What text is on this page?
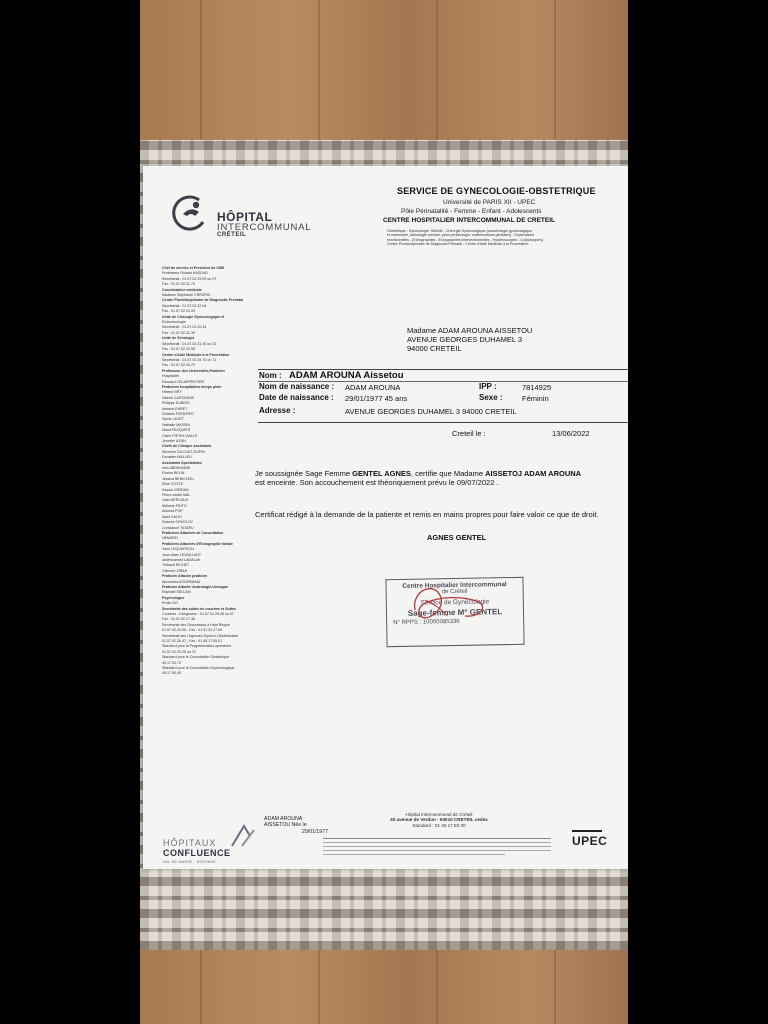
HÔPITAL
INTERCOMMUNAL
CRÉTEIL
SERVICE DE GYNECOLOGIE-OBSTETRIQUE
Université de PARIS XII - UPEC
Pôle Périnatalité - Femme - Enfant - Adolescents
CENTRE HOSPITALIER INTERCOMMUNAL DE CRETEIL
Obstétrique - Gynécologie, Stérilité - Chirurgie Gynécologique (cancérologie gynécologique
et mammaire, pathologie vulvaire, pelvi-périnéologie, malformations génitales) - Explorations
fonctionnelles - (Echographies - Echographies interventionnelles - Hystéroscopies - Colposcopies)
Centre Pluridisciplinaire de Diagnostic Prénatal - Centre d'Aide Médicale à la Procréation
Chef de service et Président de CME
Professeur Roland HADDAD
Secrétariat : 01.57.02.29.93 ou 97
Fax : 01.57.02.31.79
Coordinatrice médicale
Madame Stéphanie CRESPIN
Centre Pluridisciplinaire de Diagnostic Prénatal
Secrétariat : 01.57.02.32.54
Fax : 01.57.02.31.09
Unité de Chirurgie Gynécologique et
Endocrinologie
Secrétariat : 01.57.02.22.44
Fax : 01.57.02.31.39
Unité de Sénologie
Secrétariat : 01.57.02.31.30 ou 31
Fax : 01.57.02.31.55
Centre d'Aide Médicale à la Procréation
Secrétariat : 01.57.02.34.70 ou 71
Fax : 01.57.02.34.79
Professeur des Universités-Praticien
Hospitalier
Edouard LECARPENTIER
Praticiens hospitaliers temps plein
Hélène BRY
Valérie CASTAIGNE
Philippe DUBOIS
Antoine EHRET
Violaine FREDERIC
Sylvie LEVET
Nathalie MASSIN
Maud PASQUIER
Claire PIETIN-VIALLE
Jennifer UZAN
Chefs de Clinique Assistants
Séverine DUCOUT-DUPIN
Donatien MALLEU
Assistants Spécialistes
Inès ABDENNEBI
Florine BELIN
Jessica BENICHOU
Elise COSTE
Kassia JORDAN
Pierre-Anaïs MAL
Julie MERCAUX
Mélanie PINTO
Antonia POP
Sami SALIH
Dolores SOKOLOV
Constance TATARU
Praticiens Attachés de Consultation
NEMARD
Praticiens Attachés d'Echographie fœtale
Yann LEQUERSON
Jean-Marc LEVAILLANT
Abdessamed LAMALAK
Thibault RICHET
Clément ZIRAH
Praticien Attaché praticien
Alexandra BOURMANA
Praticien Attaché Andrologie-Urologue
Raphaël SELLAM
Psychologue
Pruim DO
Secrétariat des suites de couches et Suites
Couches - Kangourou : 01.57.02.29.08 ou 07
Fax : 01.57.02.27.36
Secrétariat des Grossesses à Haut Risque
01.57.02.20.98 - Fax : 01.57.02.27.69
Secrétariat des Urgences Gynéco-Obstétricales
01.57.02.26.47 - Fax : 01.45.17.55.01
Standard pour la Programmation opératoire
01.57.02.29.25 ou 21
Standard pour le Consultation Obstétrique
45.17.50.70
Standard pour la Consultation Gynécologique
45.17.50.45
Madame ADAM AROUNA AISSETOU
AVENUE GEORGES DUHAMEL 3
94000 CRETEIL
Nom : ADAM AROUNA Aissetou
Nom de naissance : ADAM AROUNA	IPP :	7814925
Date de naissance : 29/01/1977 45 ans	Sexe :	Féminin
Adresse :	AVENUE GEORGES DUHAMEL 3 94000 CRETEIL
Creteil le :	13/06/2022
Je soussignée Sage Femme GENTEL AGNES, certifie que Madame AISSETOJ ADAM AROUNA
est enceinte. Son accouchement est théoriquement prévu le 09/07/2022 .
Certificat rédigé à la demande de la patiente et remis en mains propres pour faire valoir ce que de droit.
AGNES GENTEL
Centre Hospitalier Intercommunal
de Créteil
Service de Gynécologie
Sage-femme M° GENTEL
N° RPPS : 10000085336
HÔPITAUX
CONFLUENCE
VAL-DE-MARNE · ESSONNE
ADAM AROUNA
AISSETOU Née le
29/01/1977
Hôpital Intercommunal de Créteil
40 avenue de Verdun - 94010 CRETEIL cedex
Standard : 01 45 17 50 00
UPEC
